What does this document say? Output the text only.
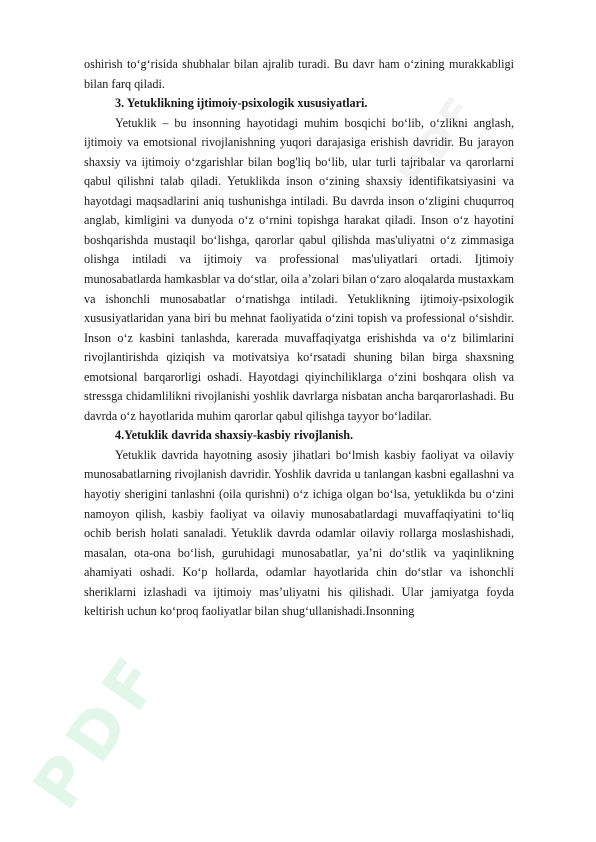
PDF
PDF

oshirish to‘g‘risida shubhalar bilan ajralib turadi. Bu davr ham o‘zining murakkabligi bilan farq qiladi.

3. Yetuklikning ijtimoiy-psixologik xususiyatlari.

Yetuklik – bu insonning hayotidagi muhim bosqichi bo‘lib, o‘zlikni anglash, ijtimoiy va emotsional rivojlanishning yuqori darajasiga erishish davridir. Bu jarayon shaxsiy va ijtimoiy o‘zgarishlar bilan bog'liq bo‘lib, ular turli tajribalar va qarorlarni qabul qilishni talab qiladi. Yetuklikda inson o‘zining shaxsiy identifikatsiyasini va hayotdagi maqsadlarini aniq tushunishga intiladi. Bu davrda inson o‘zligini chuqurroq anglab, kimligini va dunyoda o‘z o‘rnini topishga harakat qiladi. Inson o‘z hayotini boshqarishda mustaqil bo‘lishga, qarorlar qabul qilishda mas'uliyatni o‘z zimmasiga olishga intiladi va ijtimoiy va professional mas'uliyatlari ortadi. Ijtimoiy munosabatlarda hamkasblar va do‘stlar, oila a’zolari bilan o‘zaro aloqalarda mustaxkam va ishonchli munosabatlar o‘rnatishga intiladi. Yetuklikning ijtimoiy-psixologik xususiyatlaridan yana biri bu mehnat faoliyatida o‘zini topish va professional o‘sishdir. Inson o‘z kasbini tanlashda, karerada muvaffaqiyatga erishishda va o‘z bilimlarini rivojlantirishda qiziqish va motivatsiya ko‘rsatadi shuning bilan birga shaxsning emotsional barqarorligi oshadi. Hayotdagi qiyinchiliklarga o‘zini boshqara olish va stressga chidamlilikni rivojlanishi yoshlik davrlarga nisbatan ancha barqarorlashadi. Bu davrda o‘z hayotlarida muhim qarorlar qabul qilishga tayyor bo‘ladilar.

4.Yetuklik davrida shaxsiy-kasbiy rivojlanish.

Yetuklik davrida hayotning asosiy jihatlari bo‘lmish kasbiy faoliyat va oilaviy munosabatlarning rivojlanish davridir. Yoshlik davrida u tanlangan kasbni egallashni va hayotiy sherigini tanlashni (oila qurishni) o‘z ichiga olgan bo‘lsa, yetuklikda bu o‘zini namoyon qilish, kasbiy faoliyat va oilaviy munosabatlardagi muvaffaqiyatini to‘liq ochib berish holati sanaladi. Yetuklik davrda odamlar oilaviy rollarga moslashishadi, masalan, ota-ona bo‘lish, guruhidagi munosabatlar, ya’ni do‘stlik va yaqinlikning ahamiyati oshadi. Ko‘p hollarda, odamlar hayotlarida chin do‘stlar va ishonchli sheriklarni izlashadi va ijtimoiy mas’uliyatni his qilishadi. Ular jamiyatga foyda keltirish uchun ko‘proq faoliyatlar bilan shug‘ullanishadi.Insonning
